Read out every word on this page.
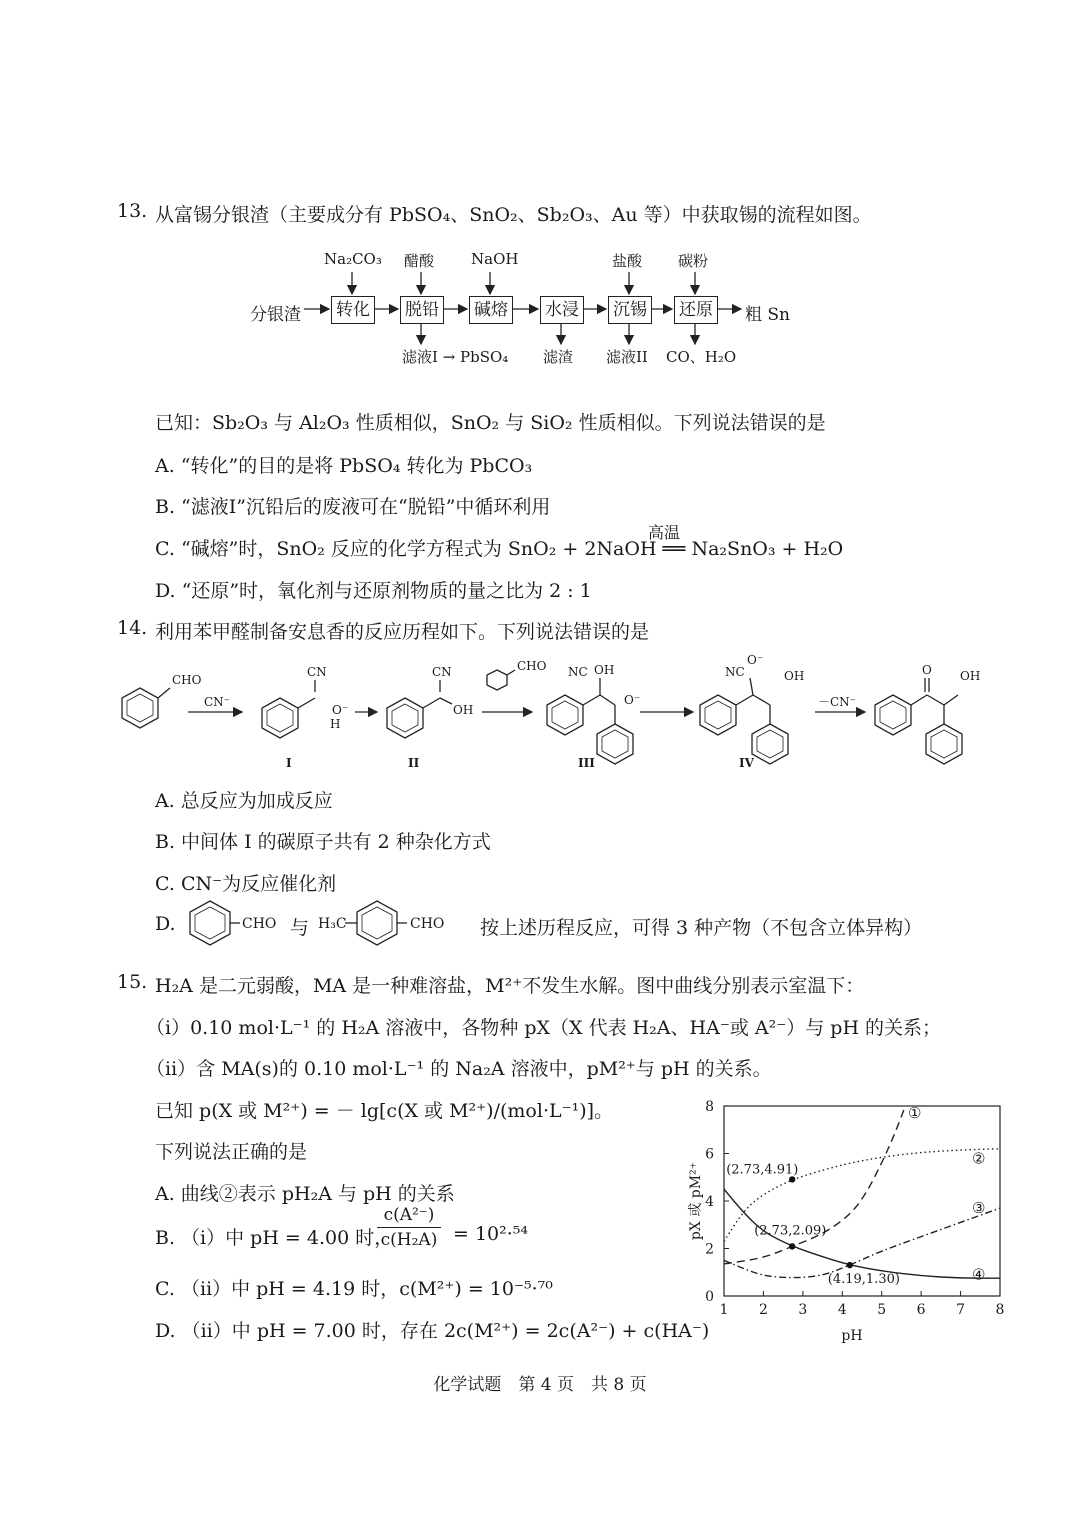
13. 从富锡分银渣（主要成分有 PbSO₄、SnO₂、Sb₂O₃、Au 等）中获取锡的流程如图。
分银渣 转化 脱铅 碱熔 水浸 沉锡 还原 粗 Sn
Na₂CO₃ 醋酸 NaOH	盐酸 碳粉
滤液I → PbSO₄ 滤渣 滤液II CO、H₂O
已知：Sb₂O₃ 与 Al₂O₃ 性质相似，SnO₂ 与 SiO₂ 性质相似。下列说法错误的是
A. “转化”的目的是将 PbSO₄ 转化为 PbCO₃
B. “滤液I”沉铅后的废液可在“脱铅”中循环利用
高温
C. “碱熔”时，SnO₂ 反应的化学方程式为 SnO₂ + 2NaOH ══ Na₂SnO₃ + H₂O
D. “还原”时，氧化剂与还原剂物质的量之比为 2 : 1
14. 利用苯甲醛制备安息香的反应历程如下。下列说法错误的是
CHO
CN⁻
CN
O⁻
H
CN
OH
CHO NC OH
O⁻
NC
O⁻
OH
－CN⁻
O OH
I	II	III	IV
A. 总反应为加成反应
B. 中间体 I 的碳原子共有 2 种杂化方式
C. CN⁻为反应催化剂
D.	CHO	H₃C	CHO
与	按上述历程反应，可得 3 种产物（不包含立体异构）
15. H₂A 是二元弱酸，MA 是一种难溶盐，M²⁺不发生水解。图中曲线分别表示室温下：
（ⅰ）0.10 mol·L⁻¹ 的 H₂A 溶液中，各物种 pX（X 代表 H₂A、HA⁻或 A²⁻）与 pH 的关系；
（ⅱ）含 MA(s)的 0.10 mol·L⁻¹ 的 Na₂A 溶液中，pM²⁺与 pH 的关系。
已知 p(X 或 M²⁺) = － lg[c(X 或 M²⁺)/(mol·L⁻¹)]。
下列说法正确的是
A. 曲线②表示 pH₂A 与 pH 的关系
B. （ⅰ）中 pH = 4.00 时，
$\frac{\text{c(A²⁻)}}{\text{c(H₂A)}} = 10^2\cdot^{54}$
C. （ⅱ）中 pH = 4.19 时，c(M²⁺) = 10⁻⁵·⁷⁰
D. （ⅱ）中 pH = 7.00 时，存在 2c(M²⁺) = 2c(A²⁻) + c(HA⁻)
1 2 3 4 5 6 7 8
0
2
4
6
8	①
②
③
④
(2.73,4.91)
(2.73,2.09)
(4.19,1.30)
pH
pX 或 pM²⁺
化学试题　第 4 页　共 8 页
